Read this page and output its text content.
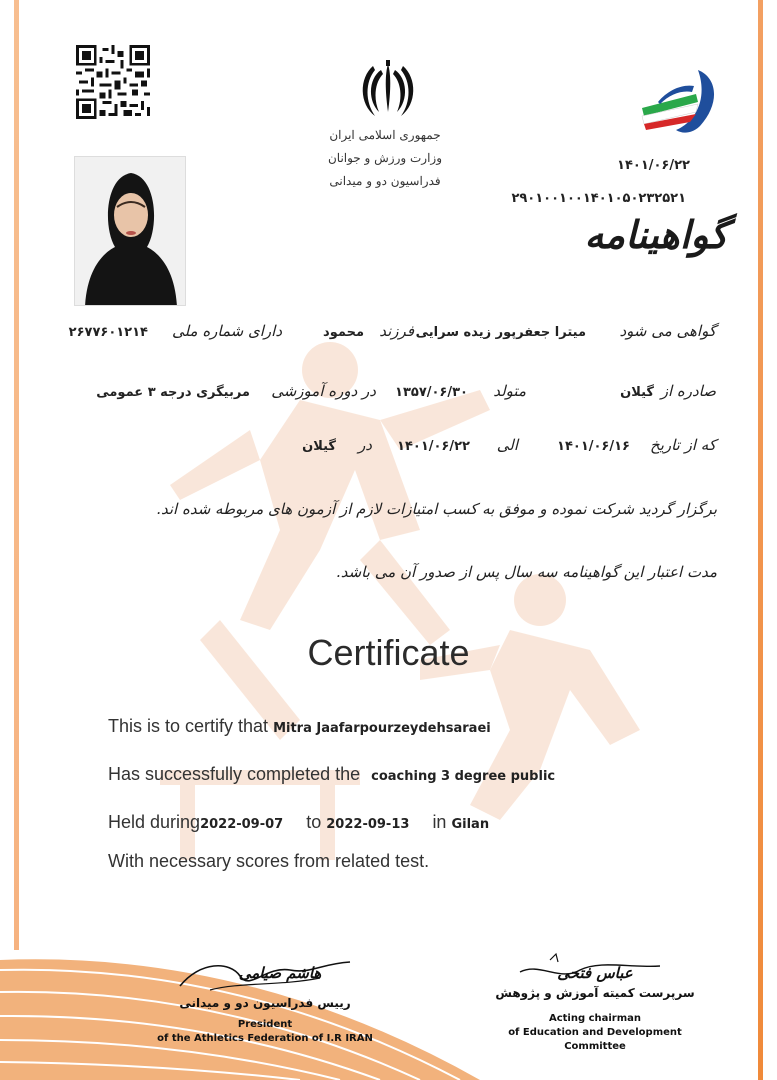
جمهوری اسلامی ایران
وزارت ورزش و جوانان
فدراسیون دو و میدانی
۱۴۰۱/۰۶/۲۲
۲۹۰۱۰۰۱۰۰۱۴۰۱۰۵۰۲۳۲۵۲۱
گواهینامه
گواهی می شود
میترا جعفرپور زیده سرایی
فرزند
محمود
دارای شماره ملی
۲۶۷۷۶۰۱۲۱۴
صادره از
گیلان
متولد
۱۳۵۷/۰۶/۳۰
در دوره آموزشی
مربیگری درجه ۳ عمومی
که از تاریخ
۱۴۰۱/۰۶/۱۶
الی
۱۴۰۱/۰۶/۲۲
در
گیلان
برگزار گردید شرکت نموده و موفق به کسب امتیازات لازم از آزمون های مربوطه شده اند.
مدت اعتبار این گواهینامه سه سال پس از صدور آن می باشد.
Certificate
This is to certify that Mitra Jaafarpourzeydehsaraei
Has successfully completed the coaching 3 degree public
Held during2022-09-07 to 2022-09-13 in Gilan
With necessary scores from related test.
هاشم صیامی
رییس فدراسیون دو و میدانی
President
of the Athletics Federation of I.R IRAN
عباس فتحی
سرپرست کمیته آموزش و پژوهش
Acting chairman
of Education and Development Committee
